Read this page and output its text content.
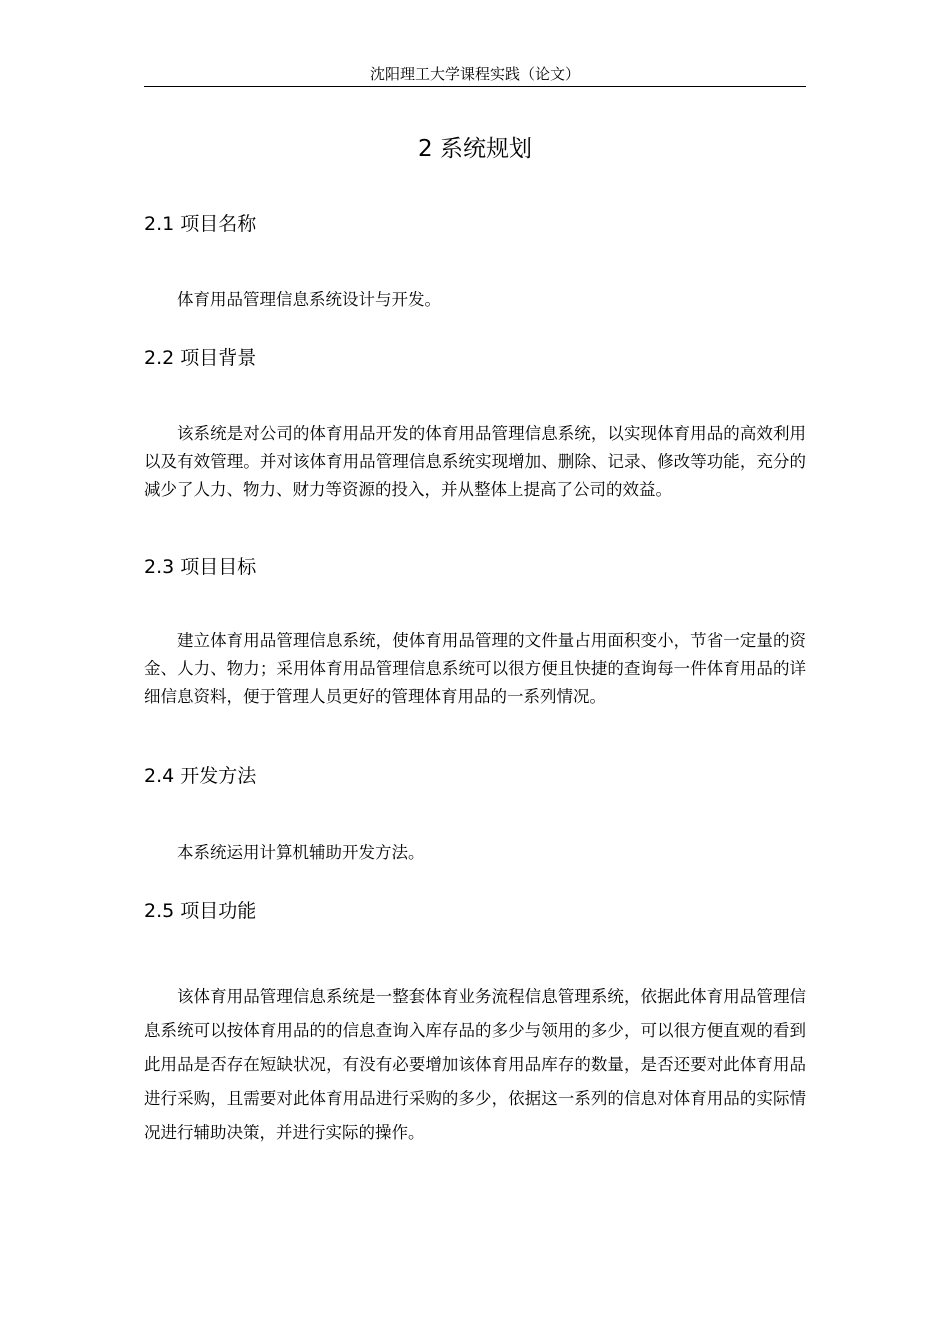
沈阳理工大学课程实践（论文）
2 系统规划
2.1 项目名称

体育用品管理信息系统设计与开发。

2.2 项目背景

该系统是对公司的体育用品开发的体育用品管理信息系统，以实现体育用品的高效利用以及有效管理。并对该体育用品管理信息系统实现增加、删除、记录、修改等功能，充分的减少了人力、物力、财力等资源的投入，并从整体上提高了公司的效益。

2.3 项目目标

建立体育用品管理信息系统，使体育用品管理的文件量占用面积变小，节省一定量的资金、人力、物力；采用体育用品管理信息系统可以很方便且快捷的查询每一件体育用品的详细信息资料，便于管理人员更好的管理体育用品的一系列情况。

2.4 开发方法

本系统运用计算机辅助开发方法。

2.5 项目功能

该体育用品管理信息系统是一整套体育业务流程信息管理系统，依据此体育用品管理信息系统可以按体育用品的的信息查询入库存品的多少与领用的多少，可以很方便直观的看到此用品是否存在短缺状况，有没有必要增加该体育用品库存的数量，是否还要对此体育用品进行采购，且需要对此体育用品进行采购的多少，依据这一系列的信息对体育用品的实际情况进行辅助决策，并进行实际的操作。
